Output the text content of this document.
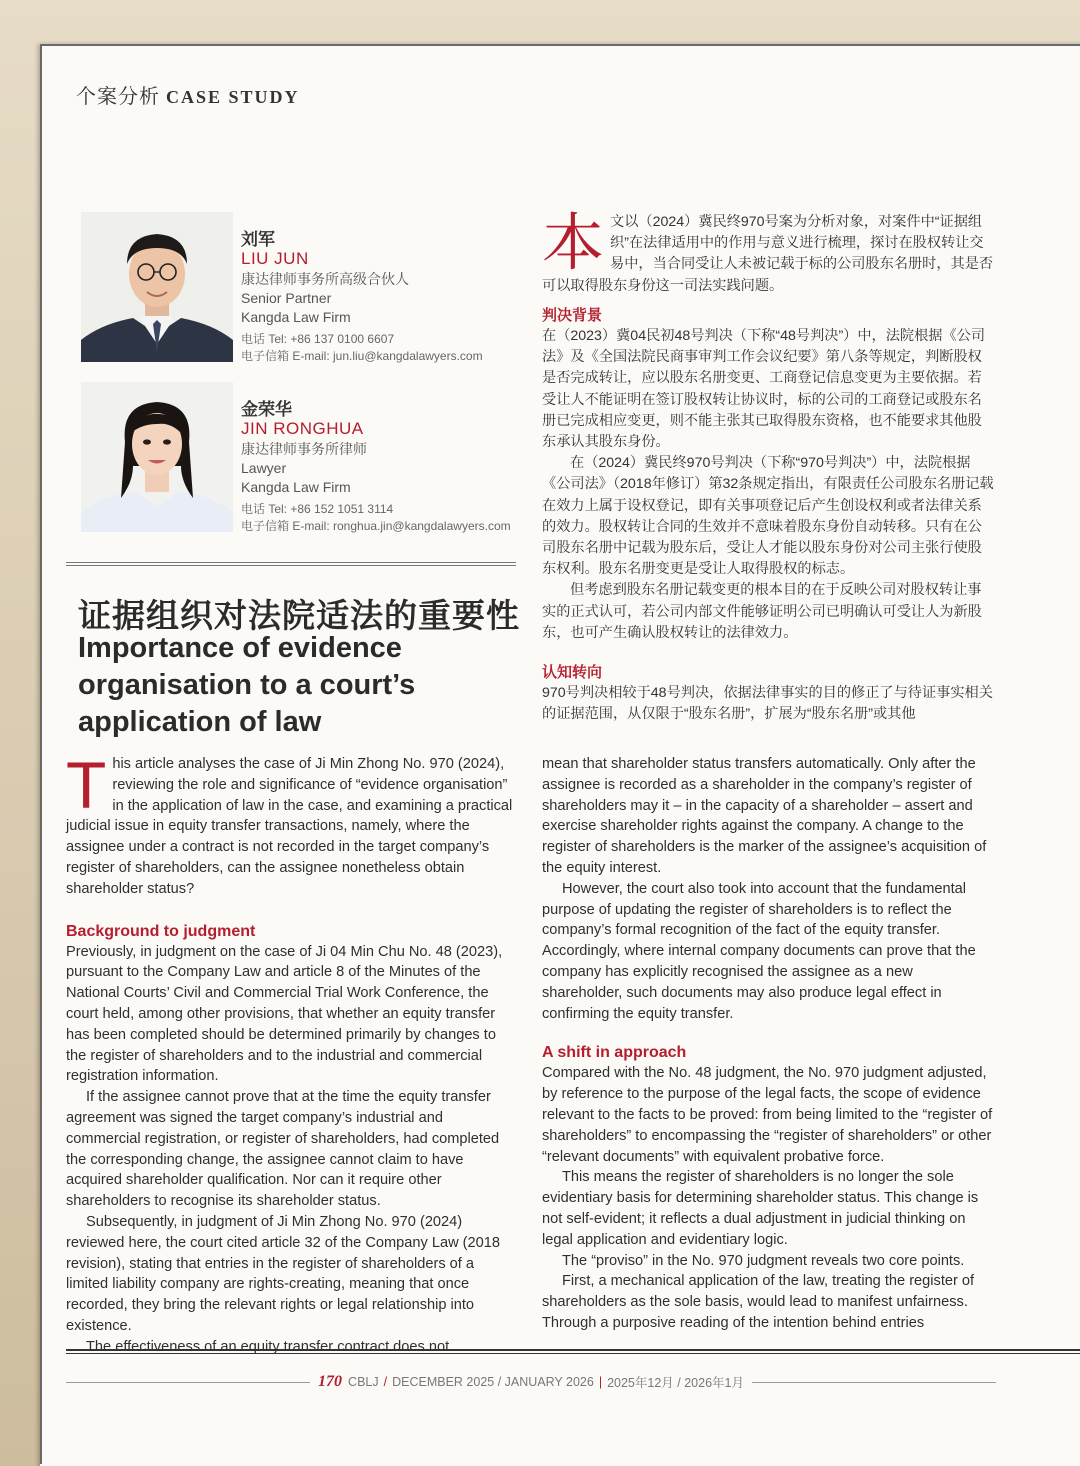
个案分析 CASE STUDY
刘军
LIU JUN
康达律师事务所高级合伙人
Senior Partner
Kangda Law Firm
电话 Tel: +86 137 0100 6607
电子信箱 E-mail: jun.liu@kangdalawyers.com
金荣华
JIN RONGHUA
康达律师事务所律师
Lawyer
Kangda Law Firm
电话 Tel: +86 152 1051 3114
电子信箱 E-mail: ronghua.jin@kangdalawyers.com
证据组织对法院适法的重要性
Importance of evidence organisation to a court’s application of law

本文以（2024）冀民终970号案为分析对象，对案件中“证据组织”在法律适用中的作用与意义进行梳理，探讨在股权转让交易中，当合同受让人未被记载于标的公司股东名册时，其是否可以取得股东身份这一司法实践问题。

判决背景

在（2023）冀04民初48号判决（下称“48号判决”）中，法院根据《公司法》及《全国法院民商事审判工作会议纪要》第八条等规定，判断股权是否完成转让，应以股东名册变更、工商登记信息变更为主要依据。若受让人不能证明在签订股权转让协议时，标的公司的工商登记或股东名册已完成相应变更，则不能主张其已取得股东资格，也不能要求其他股东承认其股东身份。

在（2024）冀民终970号判决（下称“970号判决”）中，法院根据《公司法》（2018年修订）第32条规定指出，有限责任公司股东名册记载在效力上属于设权登记，即有关事项登记后产生创设权利或者法律关系的效力。股权转让合同的生效并不意味着股东身份自动转移。只有在公司股东名册中记载为股东后，受让人才能以股东身份对公司主张行使股东权利。股东名册变更是受让人取得股权的标志。

但考虑到股东名册记载变更的根本目的在于反映公司对股权转让事实的正式认可，若公司内部文件能够证明公司已明确认可受让人为新股东，也可产生确认股权转让的法律效力。

认知转向

970号判决相较于48号判决，依据法律事实的目的修正了与待证事实相关的证据范围，从仅限于“股东名册”，扩展为“股东名册”或其他

This article analyses the case of Ji Min Zhong No. 970 (2024), reviewing the role and significance of “evidence organisation” in the application of law in the case, and examining a practical judicial issue in equity transfer transactions, namely, where the assignee under a contract is not recorded in the target company’s register of shareholders, can the assignee nonetheless obtain shareholder status?

Background to judgment

Previously, in judgment on the case of Ji 04 Min Chu No. 48 (2023), pursuant to the Company Law and article 8 of the Minutes of the National Courts’ Civil and Commercial Trial Work Conference, the court held, among other provisions, that whether an equity transfer has been completed should be determined primarily by changes to the register of shareholders and to the industrial and commercial registration information.

If the assignee cannot prove that at the time the equity transfer agreement was signed the target company’s industrial and commercial registration, or register of shareholders, had completed the corresponding change, the assignee cannot claim to have acquired shareholder qualification. Nor can it require other shareholders to recognise its shareholder status.

Subsequently, in judgment of Ji Min Zhong No. 970 (2024) reviewed here, the court cited article 32 of the Company Law (2018 revision), stating that entries in the register of shareholders of a limited liability company are rights-creating, meaning that once recorded, they bring the relevant rights or legal relationship into existence.

The effectiveness of an equity transfer contract does not

mean that shareholder status transfers automatically. Only after the assignee is recorded as a shareholder in the company’s register of shareholders may it – in the capacity of a shareholder – assert and exercise shareholder rights against the company. A change to the register of shareholders is the marker of the assignee’s acquisition of the equity interest.

However, the court also took into account that the fundamental purpose of updating the register of shareholders is to reflect the company’s formal recognition of the fact of the equity transfer. Accordingly, where internal company documents can prove that the company has explicitly recognised the assignee as a new shareholder, such documents may also produce legal effect in confirming the equity transfer.

A shift in approach

Compared with the No. 48 judgment, the No. 970 judgment adjusted, by reference to the purpose of the legal facts, the scope of evidence relevant to the facts to be proved: from being limited to the “register of shareholders” to encompassing the “register of shareholders” or other “relevant documents” with equivalent probative force.

This means the register of shareholders is no longer the sole evidentiary basis for determining shareholder status. This change is not self-evident; it reflects a dual adjustment in judicial thinking on legal application and evidentiary logic.

The “proviso” in the No. 970 judgment reveals two core points.

First, a mechanical application of the law, treating the register of shareholders as the sole basis, would lead to manifest unfairness. Through a purposive reading of the intention behind entries

170 CBLJ / DECEMBER 2025 / JANUARY 2026 | 2025年12月 / 2026年1月
